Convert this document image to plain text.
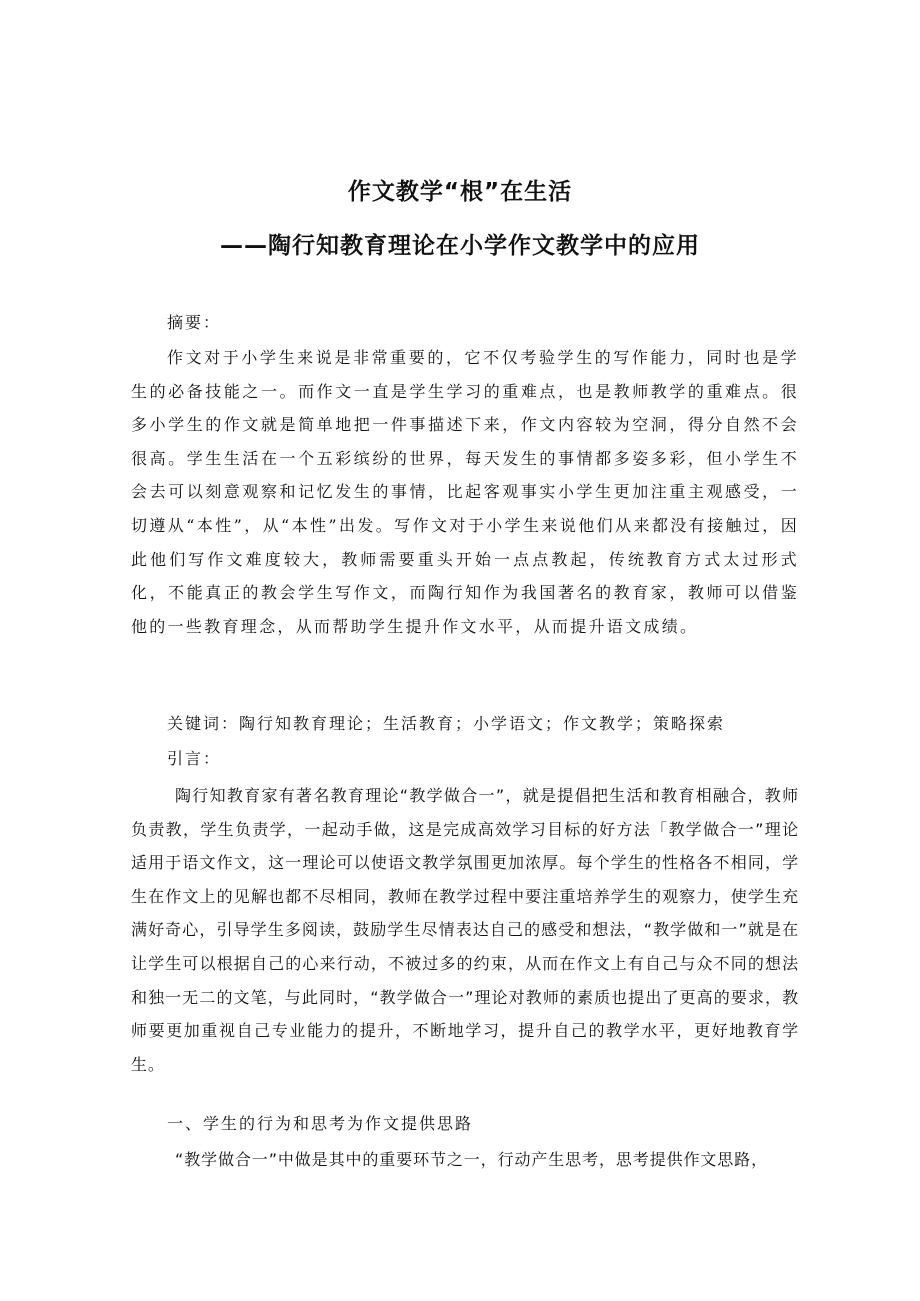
作文教学“根”在生活
——陶行知教育理论在小学作文教学中的应用

摘要：

作文对于小学生来说是非常重要的，它不仅考验学生的写作能力，同时也是学生的必备技能之一。而作文一直是学生学习的重难点，也是教师教学的重难点。很多小学生的作文就是简单地把一件事描述下来，作文内容较为空洞，得分自然不会很高。学生生活在一个五彩缤纷的世界，每天发生的事情都多姿多彩，但小学生不会去可以刻意观察和记忆发生的事情，比起客观事实小学生更加注重主观感受，一切遵从“本性”，从“本性”出发。写作文对于小学生来说他们从来都没有接触过，因此他们写作文难度较大，教师需要重头开始一点点教起，传统教育方式太过形式化，不能真正的教会学生写作文，而陶行知作为我国著名的教育家，教师可以借鉴他的一些教育理念，从而帮助学生提升作文水平，从而提升语文成绩。

关键词：陶行知教育理论；生活教育；小学语文；作文教学；策略探索

引言：

陶行知教育家有著名教育理论“教学做合一”，就是提倡把生活和教育相融合，教师负责教，学生负责学，一起动手做，这是完成高效学习目标的好方法「教学做合一”理论适用于语文作文，这一理论可以使语文教学氛围更加浓厚。每个学生的性格各不相同，学生在作文上的见解也都不尽相同，教师在教学过程中要注重培养学生的观察力，使学生充满好奇心，引导学生多阅读，鼓励学生尽情表达自己的感受和想法，“教学做和一”就是在让学生可以根据自己的心来行动，不被过多的约束，从而在作文上有自己与众不同的想法和独一无二的文笔，与此同时，“教学做合一”理论对教师的素质也提出了更高的要求，教师要更加重视自己专业能力的提升，不断地学习，提升自己的教学水平，更好地教育学生。

一、学生的行为和思考为作文提供思路

“教学做合一”中做是其中的重要环节之一，行动产生思考，思考提供作文思路，
